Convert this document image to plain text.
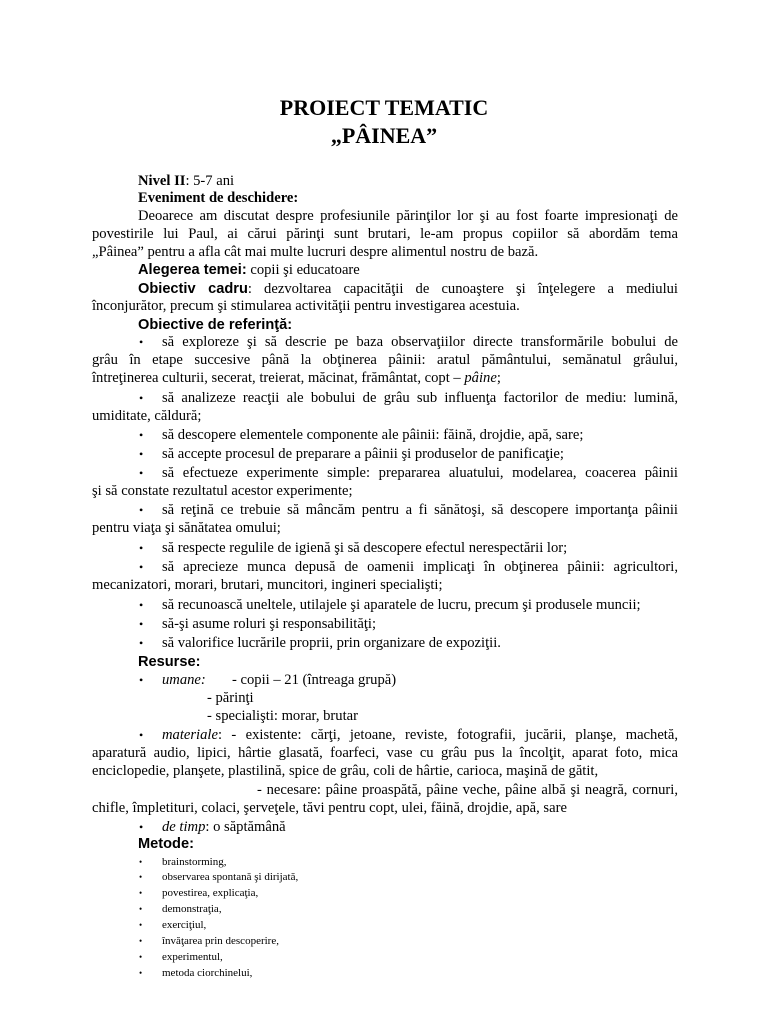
PROIECT TEMATIC
„PÂINEA”
Nivel II: 5-7 ani
Eveniment de deschidere:
Deoarece am discutat despre profesiunile părinţilor lor şi au fost foarte impresionaţi de
povestirile lui Paul, ai cărui părinţi sunt brutari, le-am propus copiilor să abordăm tema
„Pâinea” pentru a afla cât mai multe lucruri despre alimentul nostru de bază.
Alegerea temei: copii şi educatoare
Obiectiv cadru: dezvoltarea capacităţii de cunoaştere şi înţelegere a mediului
înconjurător, precum şi stimularea activităţii pentru investigarea acestuia.
Obiective de referinţă:
• să exploreze şi să descrie pe baza observaţiilor directe transformările bobului de
grâu în etape succesive până la obţinerea pâinii: aratul pământului, semănatul grâului,
întreţinerea culturii, secerat, treierat, măcinat, frământat, copt – pâine;
• să analizeze reacţii ale bobului de grâu sub influenţa factorilor de mediu: lumină,
umiditate, căldură;
• să descopere elementele componente ale pâinii: făină, drojdie, apă, sare;
• să accepte procesul de preparare a pâinii şi produselor de panificaţie;
• să efectueze experimente simple: prepararea aluatului, modelarea, coacerea pâinii
şi să constate rezultatul acestor experimente;
• să reţină ce trebuie să mâncăm pentru a fi sănătoşi, să descopere importanţa pâinii
pentru viaţa şi sănătatea omului;
• să respecte regulile de igienă şi să descopere efectul nerespectării lor;
• să aprecieze munca depusă de oamenii implicaţi în obţinerea pâinii: agricultori,
mecanizatori, morari, brutari, muncitori, ingineri specialişti;
• să recunoască uneltele, utilajele şi aparatele de lucru, precum şi produsele muncii;
• să-şi asume roluri şi responsabilităţi;
• să valorifice lucrările proprii, prin organizare de expoziţii.
Resurse:
• umane: - copii – 21 (întreaga grupă)
- părinţi
- specialişti: morar, brutar
• materiale: - existente: cărţi, jetoane, reviste, fotografii, jucării, planşe, machetă,
aparatură audio, lipici, hârtie glasată, foarfeci, vase cu grâu pus la încolţit, aparat foto, mica
enciclopedie, planşete, plastilină, spice de grâu, coli de hârtie, carioca, maşină de gătit,
- necesare: pâine proaspătă, pâine veche, pâine albă şi neagră, cornuri,
chifle, împletituri, colaci, şerveţele, tăvi pentru copt, ulei, făină, drojdie, apă, sare
• de timp: o săptămână
Metode:
• brainstorming,
• observarea spontană şi dirijată,
• povestirea, explicaţia,
• demonstraţia,
• exerciţiul,
• învăţarea prin descoperire,
• experimentul,
• metoda ciorchinelui,
